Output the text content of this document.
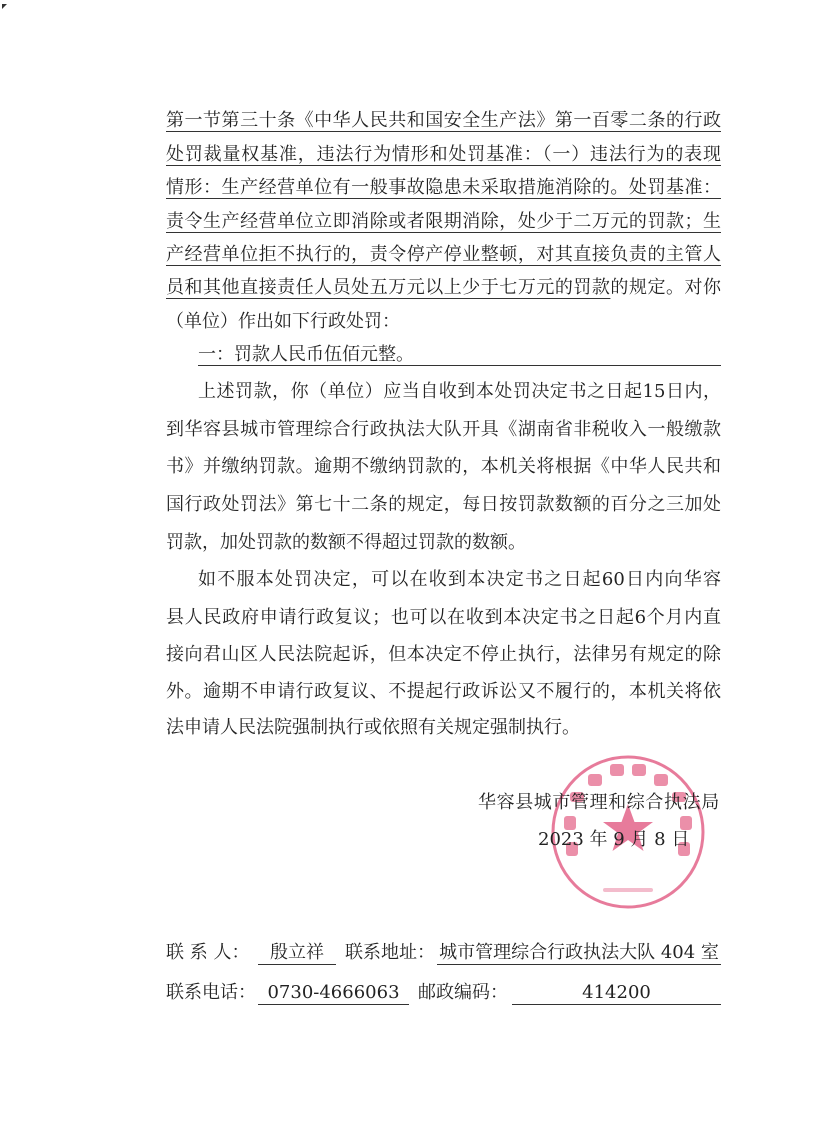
第一节第三十条《中华人民共和国安全生产法》第一百零二条的行政
处罚裁量权基准，违法行为情形和处罚基准：（一）违法行为的表现
情形：生产经营单位有一般事故隐患未采取措施消除的。处罚基准：
责令生产经营单位立即消除或者限期消除，处少于二万元的罚款；生
产经营单位拒不执行的，责令停产停业整顿，对其直接负责的主管人
员和其他直接责任人员处五万元以上少于七万元的罚款的规定。对你
（单位）作出如下行政处罚：
一：罚款人民币伍佰元整。
上述罚款，你（单位）应当自收到本处罚决定书之日起15日内，
到华容县城市管理综合行政执法大队开具《湖南省非税收入一般缴款
书》并缴纳罚款。逾期不缴纳罚款的，本机关将根据《中华人民共和
国行政处罚法》第七十二条的规定，每日按罚款数额的百分之三加处
罚款，加处罚款的数额不得超过罚款的数额。
如不服本处罚决定，可以在收到本决定书之日起60日内向华容
县人民政府申请行政复议；也可以在收到本决定书之日起6个月内直
接向君山区人民法院起诉，但本决定不停止执行，法律另有规定的除
外。逾期不申请行政复议、不提起行政诉讼又不履行的，本机关将依
法申请人民法院强制执行或依照有关规定强制执行。
华容县城市管理和综合执法局
2023 年 9 月 8 日
联 系 人：	殷立祥	联系地址： 城市管理综合行政执法大队 404 室
联系电话： 0730-4666063	邮政编码：	414200
